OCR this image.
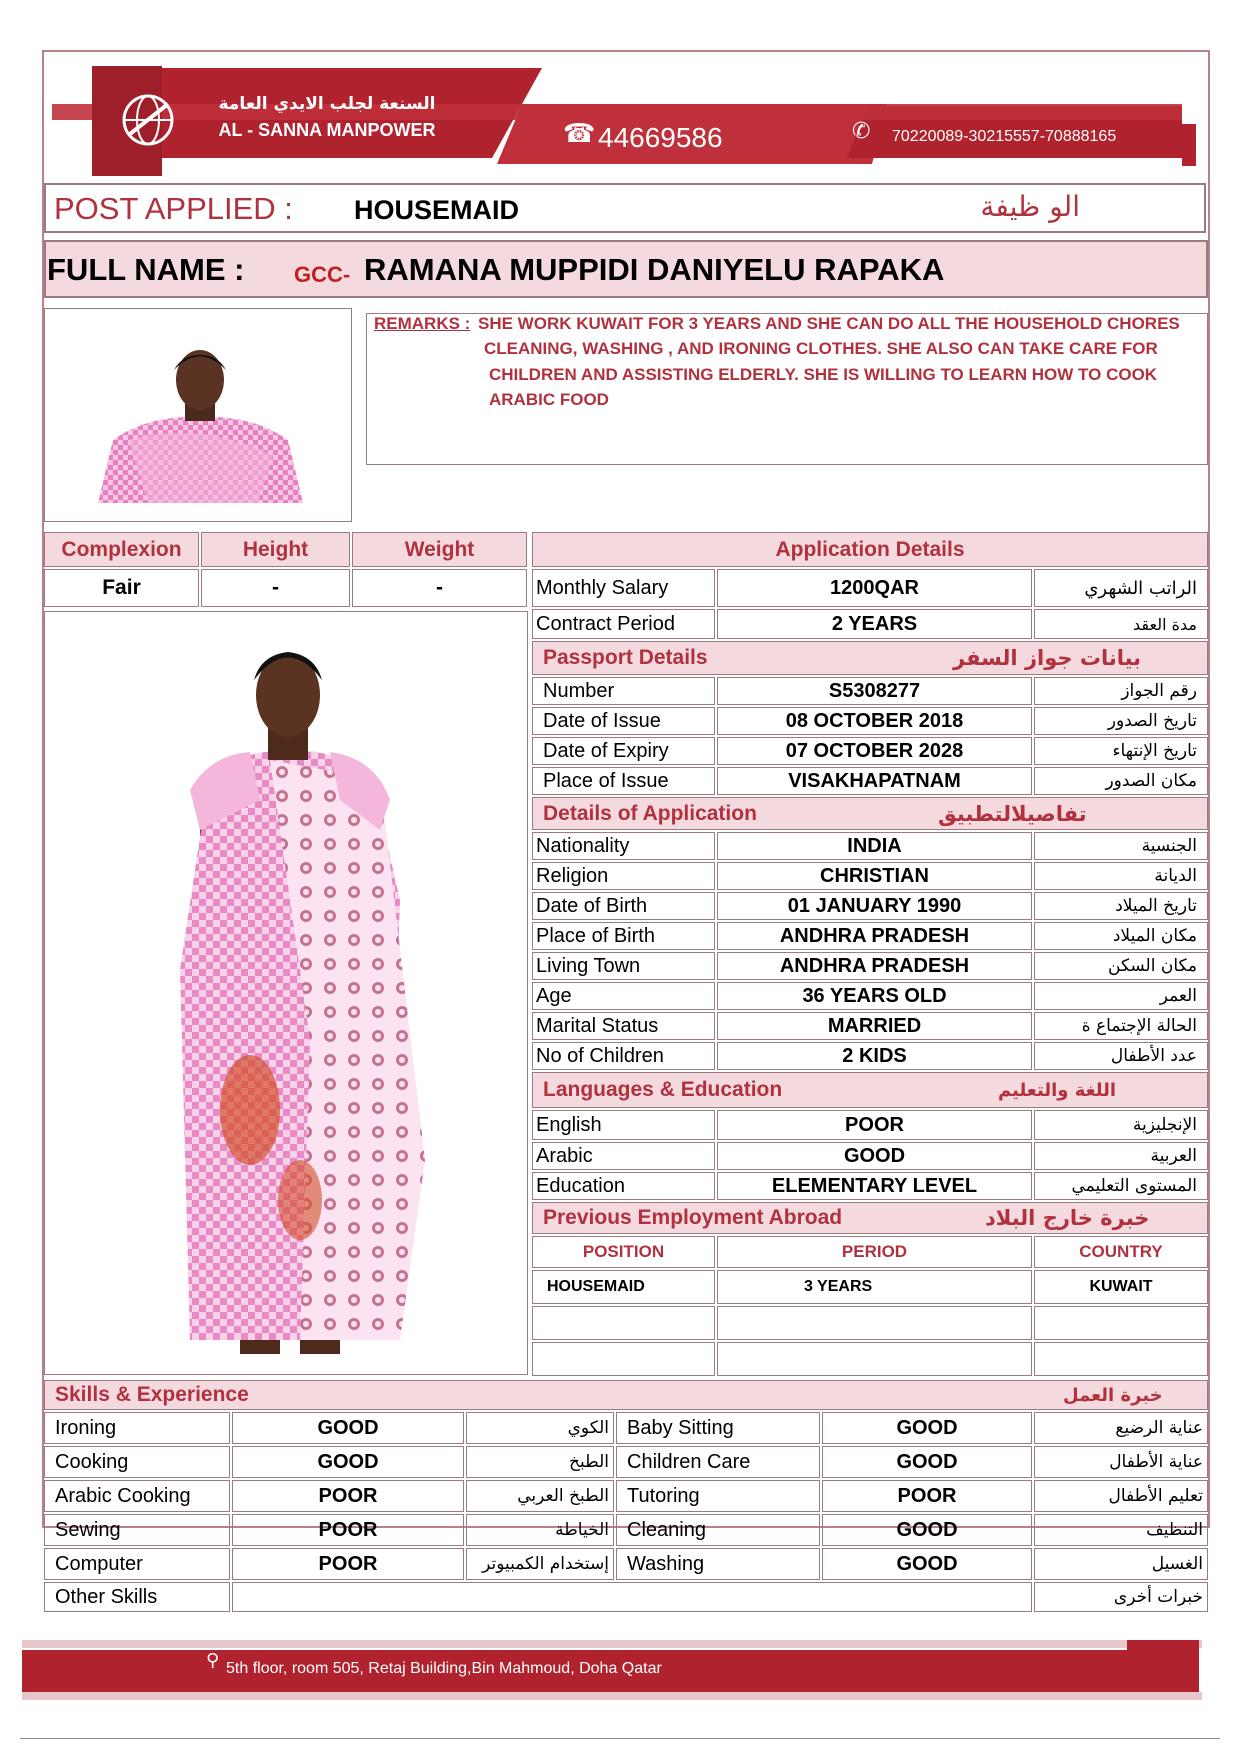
السنعة لجلب الايدي العامة
AL - SANNA MANPOWER	☎ 44669586	✆ 70220089-30215557-70888165
POST APPLIED : HOUSEMAID	الو ظيفة
FULL NAME : GCC- RAMANA MUPPIDI DANIYELU RAPAKA
REMARKS : SHE WORK KUWAIT FOR 3 YEARS AND SHE CAN DO ALL THE HOUSEHOLD CHORES
CLEANING, WASHING , AND IRONING CLOTHES. SHE ALSO CAN TAKE CARE FOR
CHILDREN AND ASSISTING ELDERLY. SHE IS WILLING TO LEARN HOW TO COOK
ARABIC FOOD
Complexion	Height	Weight
Fair	-	-
Application Details
Monthly Salary	1200QAR	الراتب الشهري
Contract Period	2 YEARS	مدة العقد
Passport Details	بيانات جواز السفر
Number	S5308277	رقم الجواز
Date of Issue	08 OCTOBER 2018	تاريخ الصدور
Date of Expiry	07 OCTOBER 2028	تاريخ الإنتهاء
Place of Issue	VISAKHAPATNAM	مكان الصدور
Details of Application	تفاصيلالتطبيق
Nationality	INDIA	الجنسية
Religion	CHRISTIAN	الديانة
Date of Birth	01 JANUARY 1990	تاريخ الميلاد
Place of Birth	ANDHRA PRADESH	مكان الميلاد
Living Town	ANDHRA PRADESH	مكان السكن
Age	36 YEARS OLD	العمر
Marital Status	MARRIED	الحالة الإجتماع ة
No of Children	2 KIDS	عدد الأطفال
Languages & Education	اللغة والتعليم
English	POOR	الإنجليزية
Arabic	GOOD	العربية
Education	ELEMENTARY LEVEL	المستوى التعليمي
Previous Employment Abroad	خبرة خارج البلاد
POSITION	PERIOD	COUNTRY
HOUSEMAID	3 YEARS	KUWAIT
Skills & Experience	خبرة العمل
Ironing	GOOD	الكوي Baby Sitting	GOOD	عناية الرضيع
Cooking	GOOD	الطبخ Children Care	GOOD	عناية الأطفال
Arabic Cooking	POOR	الطبخ العربي Tutoring	POOR	تعليم الأطفال
Sewing	POOR	الخياطة Cleaning	GOOD	التنظيف
Computer	POOR	إستخدام الكمبيوتر Washing	GOOD	الغسيل
Other Skills	خبرات أخرى
⚲ 5th floor, room 505, Retaj Building,Bin Mahmoud, Doha Qatar
